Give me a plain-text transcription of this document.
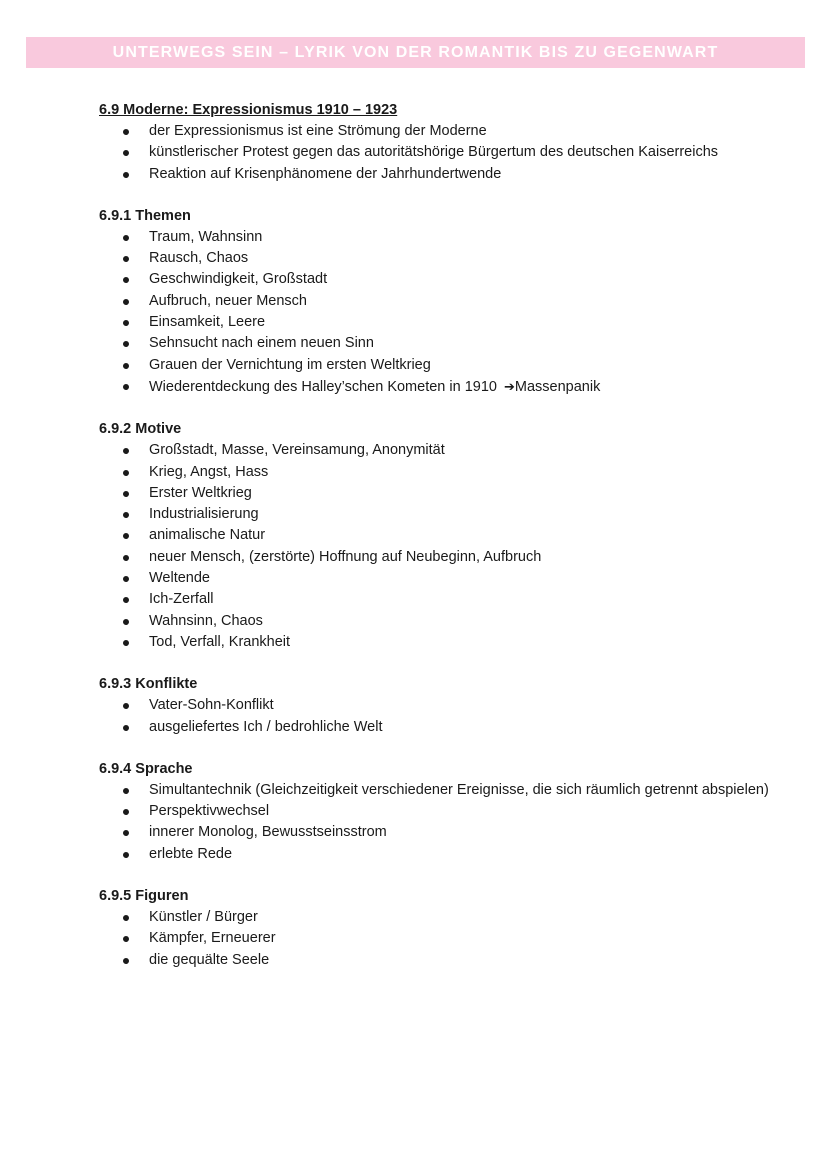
UNTERWEGS SEIN – LYRIK VON DER ROMANTIK BIS ZU GEGENWART

6.9 Moderne: Expressionismus 1910 – 1923

der Expressionismus ist eine Strömung der Moderne
künstlerischer Protest gegen das autoritätshörige Bürgertum des deutschen Kaiserreichs
Reaktion auf Krisenphänomene der Jahrhundertwende

6.9.1 Themen

Traum, Wahnsinn
Rausch, Chaos
Geschwindigkeit, Großstadt
Aufbruch, neuer Mensch
Einsamkeit, Leere
Sehnsucht nach einem neuen Sinn
Grauen der Vernichtung im ersten Weltkrieg
Wiederentdeckung des Halley’schen Kometen in 1910 ➔Massenpanik

6.9.2 Motive

Großstadt, Masse, Vereinsamung, Anonymität
Krieg, Angst, Hass
Erster Weltkrieg
Industrialisierung
animalische Natur
neuer Mensch, (zerstörte) Hoffnung auf Neubeginn, Aufbruch
Weltende
Ich-Zerfall
Wahnsinn, Chaos
Tod, Verfall, Krankheit

6.9.3 Konflikte

Vater-Sohn-Konflikt
ausgeliefertes Ich / bedrohliche Welt

6.9.4 Sprache

Simultantechnik (Gleichzeitigkeit verschiedener Ereignisse, die sich räumlich getrennt abspielen)
Perspektivwechsel
innerer Monolog, Bewusstseinsstrom
erlebte Rede

6.9.5 Figuren

Künstler / Bürger
Kämpfer, Erneuerer
die gequälte Seele
